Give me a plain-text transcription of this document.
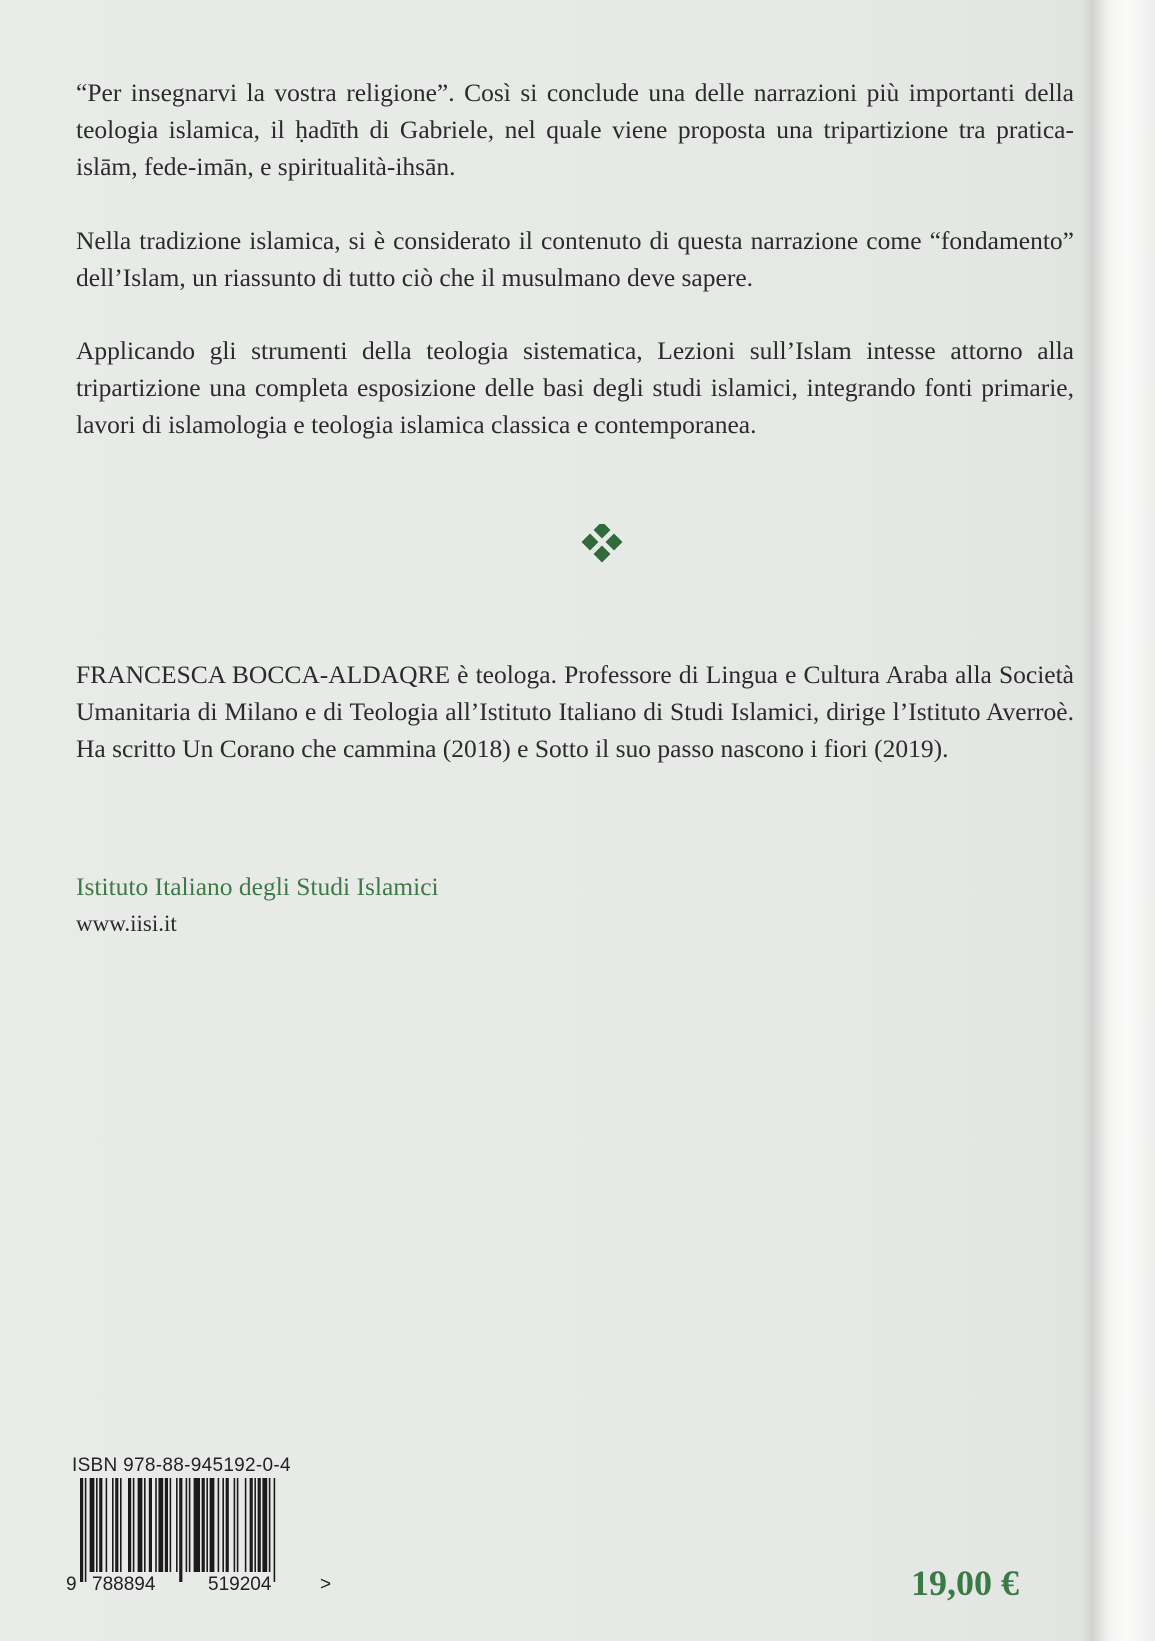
“Per insegnarvi la vostra religione”. Così si conclude una delle narrazioni più importanti della teologia islamica, il ḥadīth di Gabriele, nel quale viene proposta una tripartizione tra pratica-islām, fede-imān, e spiritualità-ihsān.

Nella tradizione islamica, si è considerato il contenuto di questa narrazione come “fondamento” dell’Islam, un riassunto di tutto ciò che il musulmano deve sapere.

Applicando gli strumenti della teologia sistematica, Lezioni sull’Islam intesse attorno alla tripartizione una completa esposizione delle basi degli studi islamici, integrando fonti primarie, lavori di islamologia e teologia islamica classica e contemporanea.

FRANCESCA BOCCA-ALDAQRE è teologa. Professore di Lingua e Cultura Araba alla Società Umanitaria di Milano e di Teologia all’Istituto Italiano di Studi Islamici, dirige l’Istituto Averroè. Ha scritto Un Corano che cammina (2018) e Sotto il suo passo nascono i fiori (2019).

Istituto Italiano degli Studi Islamici

www.iisi.it

ISBN 978-88-945192-0-4

9 788894	519204	>	19,00 €
